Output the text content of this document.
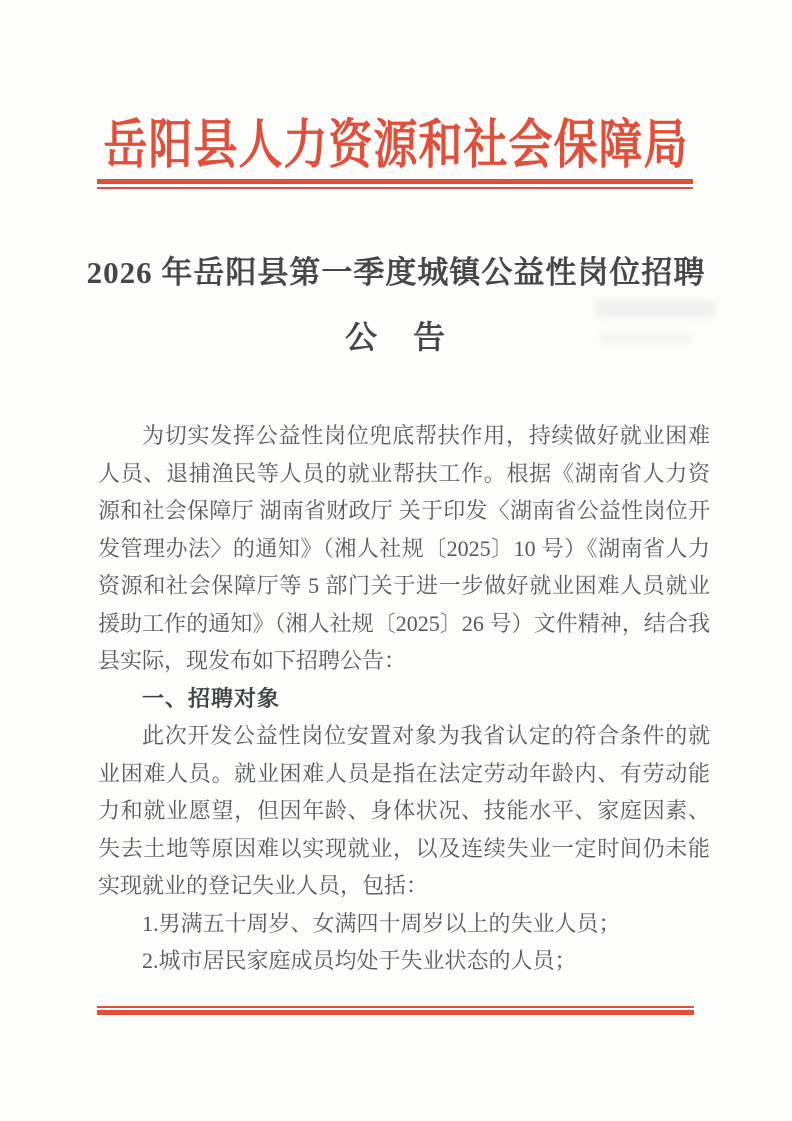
岳阳县人力资源和社会保障局
2026 年岳阳县第一季度城镇公益性岗位招聘
公　告

为切实发挥公益性岗位兜底帮扶作用，持续做好就业困难人员、退捕渔民等人员的就业帮扶工作。根据《湖南省人力资源和社会保障厅 湖南省财政厅 关于印发〈湖南省公益性岗位开发管理办法〉的通知》（湘人社规〔2025〕10 号）《湖南省人力资源和社会保障厅等 5 部门关于进一步做好就业困难人员就业援助工作的通知》（湘人社规〔2025〕26 号）文件精神，结合我县实际，现发布如下招聘公告：

一、招聘对象

此次开发公益性岗位安置对象为我省认定的符合条件的就业困难人员。就业困难人员是指在法定劳动年龄内、有劳动能力和就业愿望，但因年龄、身体状况、技能水平、家庭因素、失去土地等原因难以实现就业，以及连续失业一定时间仍未能实现就业的登记失业人员，包括：

1.男满五十周岁、女满四十周岁以上的失业人员；

2.城市居民家庭成员均处于失业状态的人员；
